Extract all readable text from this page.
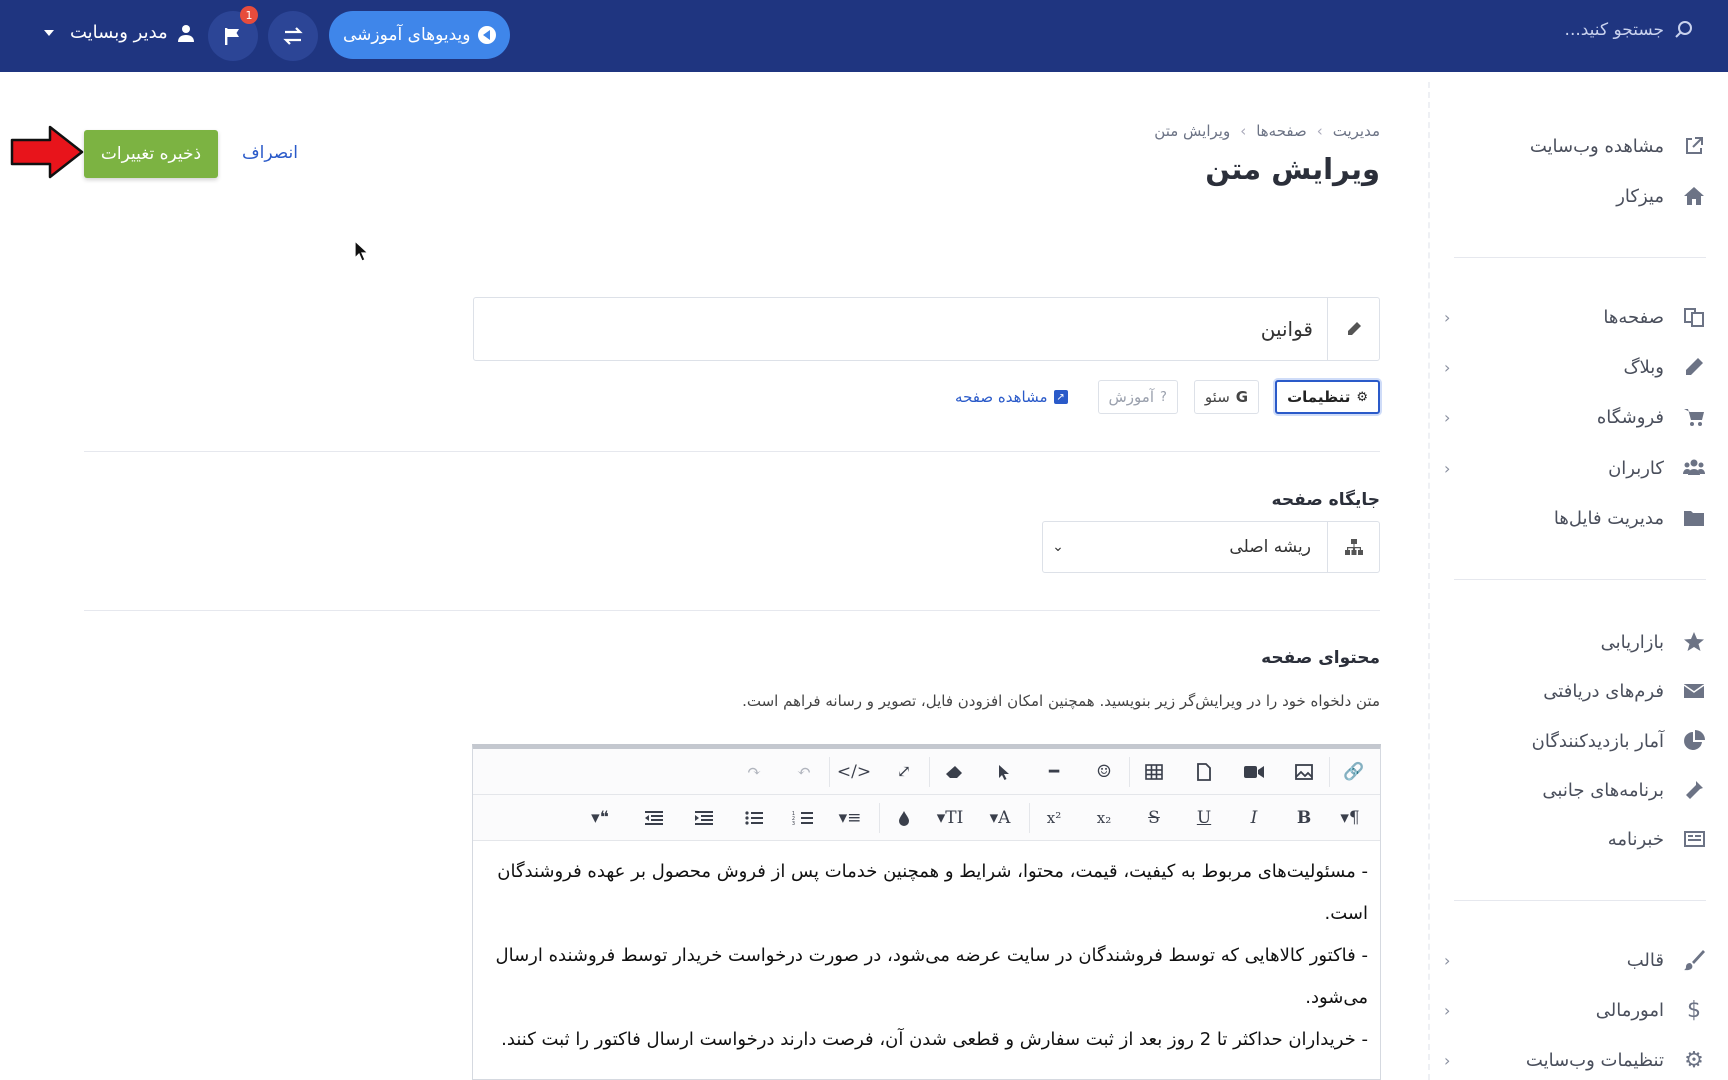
جستجو کنید...
ویدیوهای آموزشی
1
مدیر وبسایت
مشاهده وب‌سایت
میزکار
صفحه‌ها
‹
وبلاگ
‹
فروشگاه
‹
کاربران
‹
مدیریت فایل‌ها
بازاریابی
فرم‌های دریافتی
آمار بازدیدکنندگان
برنامه‌های جانبی
خبرنامه
قالب
‹
$
امورمالی
‹
⚙
تنظیمات وب‌سایت
‹
مدیریت
›
صفحه‌ها
›
ویرایش متن
ویرایش متن
ذخیره تغییرات	انصراف
قوانین
⚙
تنظیمات
G
سئو
?
آموزش
↗
مشاهده صفحه
جایگاه صفحه
ریشه اصلی
⌄
محتوای صفحه
متن دلخواه خود را در ویرایش‌گر زیر بنویسید. همچنین امکان افزودن فایل، تصویر و رسانه فراهم است.
🔗
☺
━
⤢
</>
↶
↷
¶▾
B
I
U
S
x₂
x²
A▾
TI▾
≡▾
1
2
3
❝▾

- مسئولیت‌های مربوط به کیفیت، قیمت، محتوا، شرایط و همچنین خدمات پس از فروش محصول بر عهده فروشندگان است.

- فاکتور کالاهایی که توسط فروشندگان در سایت عرضه می‌شود، در صورت درخواست خریدار توسط فروشنده ارسال می‌شود.

- خریداران حداکثر تا 2 روز بعد از ثبت سفارش و قطعی شدن آن، فرصت دارند درخواست ارسال فاکتور را ثبت کنند.
